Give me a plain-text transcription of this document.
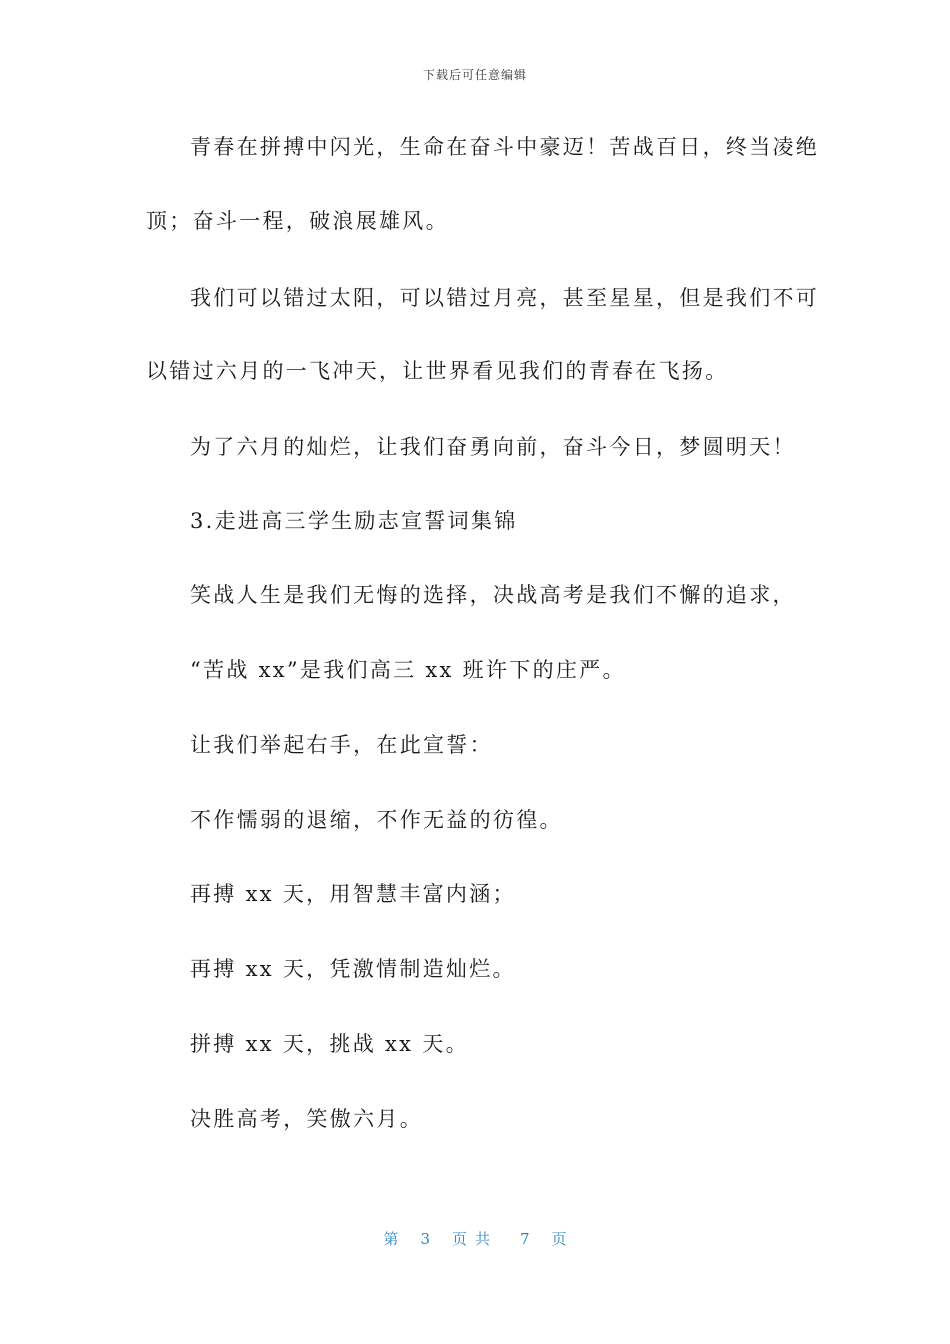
下载后可任意编辑
青春在拼搏中闪光，生命在奋斗中豪迈！苦战百日，终当凌绝
顶；奋斗一程，破浪展雄风。
我们可以错过太阳，可以错过月亮，甚至星星，但是我们不可
以错过六月的一飞冲天，让世界看见我们的青春在飞扬。
为了六月的灿烂，让我们奋勇向前，奋斗今日，梦圆明天！
3.走进高三学生励志宣誓词集锦
笑战人生是我们无悔的选择，决战高考是我们不懈的追求，
“苦战 xx”是我们高三 xx 班许下的庄严。
让我们举起右手，在此宣誓：
不作懦弱的退缩，不作无益的彷徨。
再搏 xx 天，用智慧丰富内涵；
再搏 xx 天，凭激情制造灿烂。
拼搏 xx 天，挑战 xx 天。
决胜高考，笑傲六月。
第 3 页共 7 页
